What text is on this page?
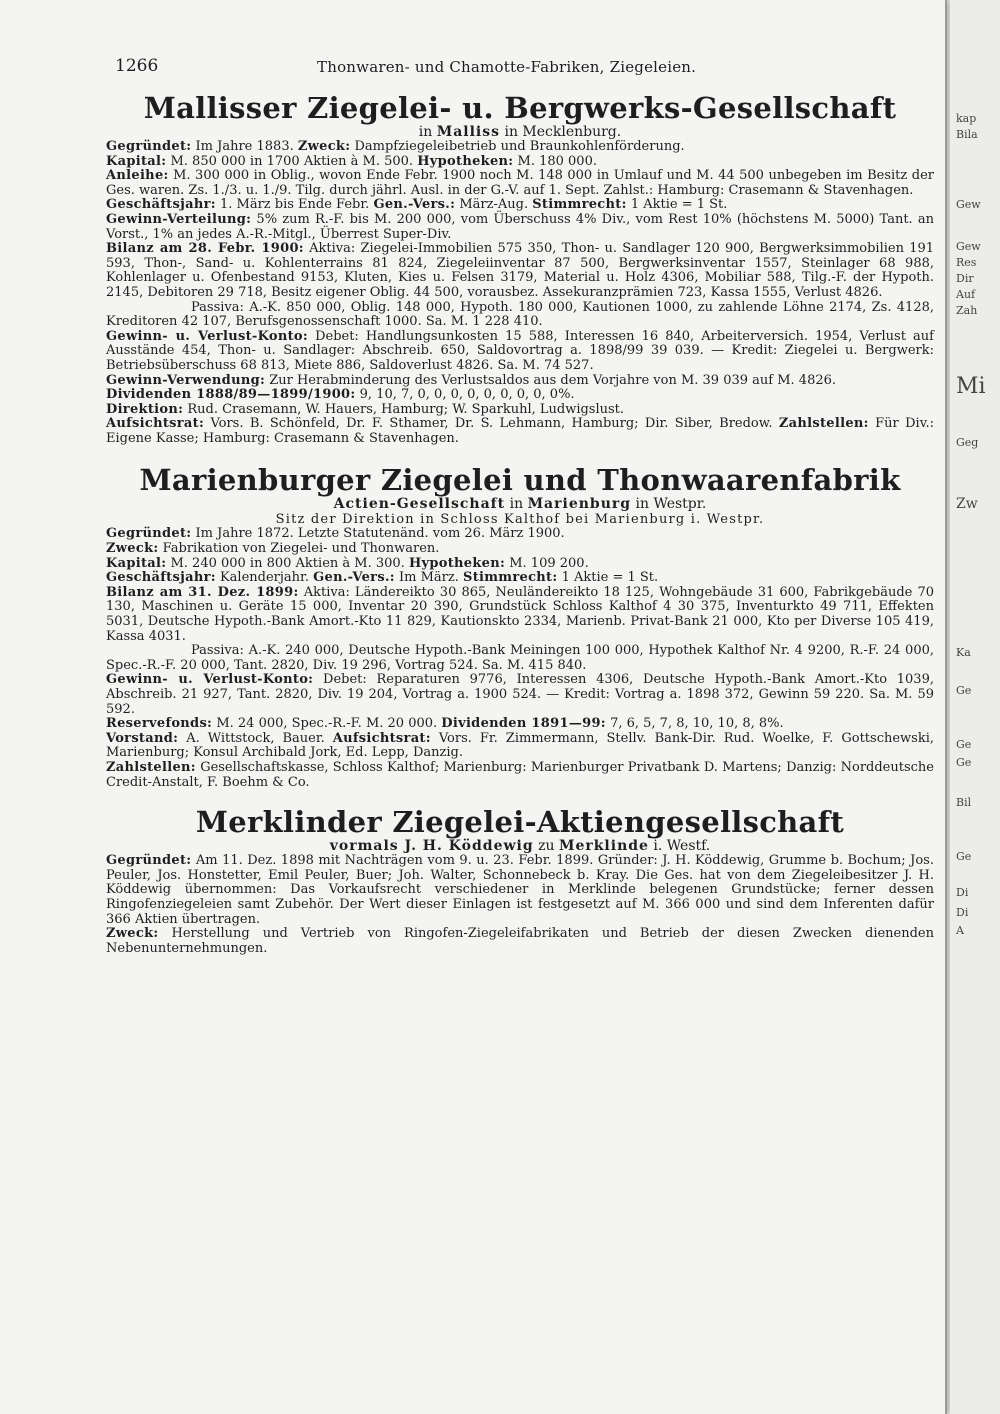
1266	Thonwaren- und Chamotte-Fabriken, Ziegeleien.
Mallisser Ziegelei- u. Bergwerks-Gesellschaft
in Malliss in Mecklenburg.

Gegründet: Im Jahre 1883. Zweck: Dampfziegeleibetrieb und Braunkohlenförderung.

Kapital: M. 850 000 in 1700 Aktien à M. 500. Hypotheken: M. 180 000.

Anleihe: M. 300 000 in Oblig., wovon Ende Febr. 1900 noch M. 148 000 in Umlauf und M. 44 500 unbegeben im Besitz der Ges. waren. Zs. 1./3. u. 1./9. Tilg. durch jährl. Ausl. in der G.-V. auf 1. Sept. Zahlst.: Hamburg: Crasemann & Stavenhagen.

Geschäftsjahr: 1. März bis Ende Febr. Gen.-Vers.: März-Aug. Stimmrecht: 1 Aktie = 1 St.

Gewinn-Verteilung: 5% zum R.-F. bis M. 200 000, vom Überschuss 4% Div., vom Rest 10% (höchstens M. 5000) Tant. an Vorst., 1% an jedes A.-R.-Mitgl., Überrest Super-Div.

Bilanz am 28. Febr. 1900: Aktiva: Ziegelei-Immobilien 575 350, Thon- u. Sandlager 120 900, Bergwerksimmobilien 191 593, Thon-, Sand- u. Kohlenterrains 81 824, Ziegeleiinventar 87 500, Bergwerksinventar 1557, Steinlager 68 988, Kohlenlager u. Ofenbestand 9153, Kluten, Kies u. Felsen 3179, Material u. Holz 4306, Mobiliar 588, Tilg.-F. der Hypoth. 2145, Debitoren 29 718, Besitz eigener Oblig. 44 500, vorausbez. Assekuranzprämien 723, Kassa 1555, Verlust 4826.

Passiva: A.-K. 850 000, Oblig. 148 000, Hypoth. 180 000, Kautionen 1000, zu zahlende Löhne 2174, Zs. 4128, Kreditoren 42 107, Berufsgenossenschaft 1000. Sa. M. 1 228 410.

Gewinn- u. Verlust-Konto: Debet: Handlungsunkosten 15 588, Interessen 16 840, Arbeiterversich. 1954, Verlust auf Ausstände 454, Thon- u. Sandlager: Abschreib. 650, Saldovortrag a. 1898/99 39 039. — Kredit: Ziegelei u. Bergwerk: Betriebsüberschuss 68 813, Miete 886, Saldoverlust 4826. Sa. M. 74 527.

Gewinn-Verwendung: Zur Herabminderung des Verlustsaldos aus dem Vorjahre von M. 39 039 auf M. 4826.

Dividenden 1888/89—1899/1900: 9, 10, 7, 0, 0, 0, 0, 0, 0, 0, 0, 0%.

Direktion: Rud. Crasemann, W. Hauers, Hamburg; W. Sparkuhl, Ludwigslust.

Aufsichtsrat: Vors. B. Schönfeld, Dr. F. Sthamer, Dr. S. Lehmann, Hamburg; Dir. Siber, Bredow. Zahlstellen: Für Div.: Eigene Kasse; Hamburg: Crasemann & Stavenhagen.

Marienburger Ziegelei und Thonwaarenfabrik
Actien-Gesellschaft in Marienburg in Westpr.
Sitz der Direktion in Schloss Kalthof bei Marienburg i. Westpr.

Gegründet: Im Jahre 1872. Letzte Statutenänd. vom 26. März 1900.

Zweck: Fabrikation von Ziegelei- und Thonwaren.

Kapital: M. 240 000 in 800 Aktien à M. 300. Hypotheken: M. 109 200.

Geschäftsjahr: Kalenderjahr. Gen.-Vers.: Im März. Stimmrecht: 1 Aktie = 1 St.

Bilanz am 31. Dez. 1899: Aktiva: Ländereikto 30 865, Neuländereikto 18 125, Wohngebäude 31 600, Fabrikgebäude 70 130, Maschinen u. Geräte 15 000, Inventar 20 390, Grundstück Schloss Kalthof 4 30 375, Inventurkto 49 711, Effekten 5031, Deutsche Hypoth.-Bank Amort.-Kto 11 829, Kautionskto 2334, Marienb. Privat-Bank 21 000, Kto per Diverse 105 419, Kassa 4031.

Passiva: A.-K. 240 000, Deutsche Hypoth.-Bank Meiningen 100 000, Hypothek Kalthof Nr. 4 9200, R.-F. 24 000, Spec.-R.-F. 20 000, Tant. 2820, Div. 19 296, Vortrag 524. Sa. M. 415 840.

Gewinn- u. Verlust-Konto: Debet: Reparaturen 9776, Interessen 4306, Deutsche Hypoth.-Bank Amort.-Kto 1039, Abschreib. 21 927, Tant. 2820, Div. 19 204, Vortrag a. 1900 524. — Kredit: Vortrag a. 1898 372, Gewinn 59 220. Sa. M. 59 592.

Reservefonds: M. 24 000, Spec.-R.-F. M. 20 000. Dividenden 1891—99: 7, 6, 5, 7, 8, 10, 10, 8, 8%.

Vorstand: A. Wittstock, Bauer. Aufsichtsrat: Vors. Fr. Zimmermann, Stellv. Bank-Dir. Rud. Woelke, F. Gottschewski, Marienburg; Konsul Archibald Jork, Ed. Lepp, Danzig.

Zahlstellen: Gesellschaftskasse, Schloss Kalthof; Marienburg: Marienburger Privatbank D. Martens; Danzig: Norddeutsche Credit-Anstalt, F. Boehm & Co.

Merklinder Ziegelei-Aktiengesellschaft
vormals J. H. Köddewig zu Merklinde i. Westf.

Gegründet: Am 11. Dez. 1898 mit Nachträgen vom 9. u. 23. Febr. 1899. Gründer: J. H. Köddewig, Grumme b. Bochum; Jos. Peuler, Jos. Honstetter, Emil Peuler, Buer; Joh. Walter, Schonnebeck b. Kray. Die Ges. hat von dem Ziegeleibesitzer J. H. Köddewig übernommen: Das Vorkaufsrecht verschiedener in Merklinde belegenen Grundstücke; ferner dessen Ringofenziegeleien samt Zubehör. Der Wert dieser Einlagen ist festgesetzt auf M. 366 000 und sind dem Inferenten dafür 366 Aktien übertragen.

Zweck: Herstellung und Vertrieb von Ringofen-Ziegeleifabrikaten und Betrieb der diesen Zwecken dienenden Nebenunternehmungen.

kap
Bila
Gew
Gew
Res
Dir
Auf
Zah
Mi
Geg
Zw
Ka
Ge
Ge
Ge
Bil
Ge
Di
Di
A
